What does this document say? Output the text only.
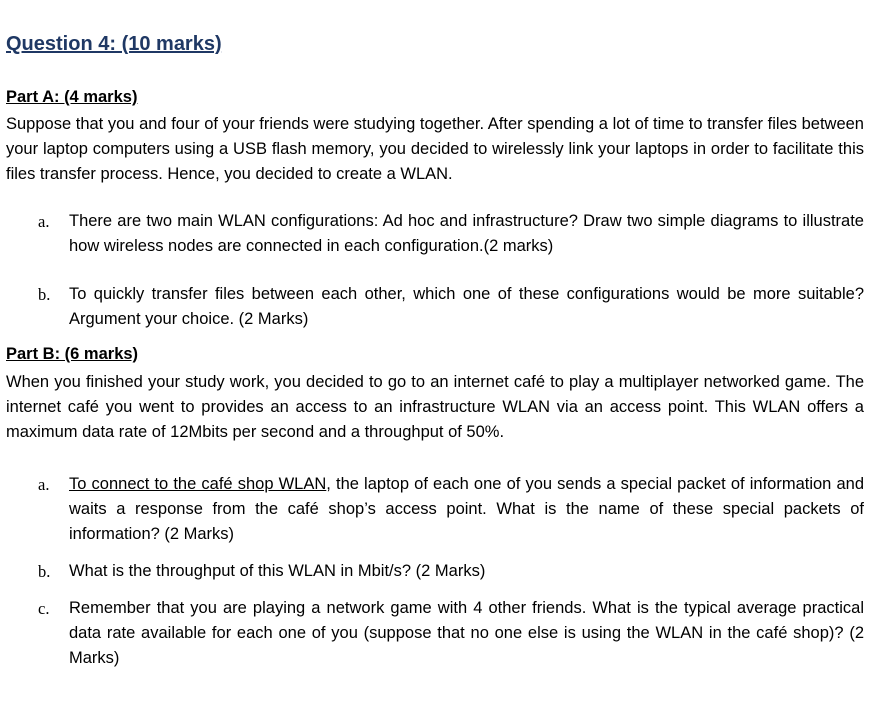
Question 4: (10 marks)
Part A: (4 marks)

Suppose that you and four of your friends were studying together. After spending a lot of time to transfer files between your laptop computers using a USB flash memory, you decided to wirelessly link your laptops in order to facilitate this files transfer process. Hence, you decided to create a WLAN.

a.	There are two main WLAN configurations: Ad hoc and infrastructure? Draw two simple diagrams to illustrate how wireless nodes are connected in each configuration.(2 marks)
b.	To quickly transfer files between each other, which one of these configurations would be more suitable? Argument your choice. (2 Marks)
Part B: (6 marks)

When you finished your study work, you decided to go to an internet café to play a multiplayer networked game. The internet café you went to provides an access to an infrastructure WLAN via an access point. This WLAN offers a maximum data rate of 12Mbits per second and a throughput of 50%.

a.	To connect to the café shop WLAN, the laptop of each one of you sends a special packet of information and waits a response from the café shop’s access point. What is the name of these special packets of information? (2 Marks)
b.	What is the throughput of this WLAN in Mbit/s? (2 Marks)
c.	Remember that you are playing a network game with 4 other friends. What is the typical average practical data rate available for each one of you (suppose that no one else is using the WLAN in the café shop)? (2 Marks)
